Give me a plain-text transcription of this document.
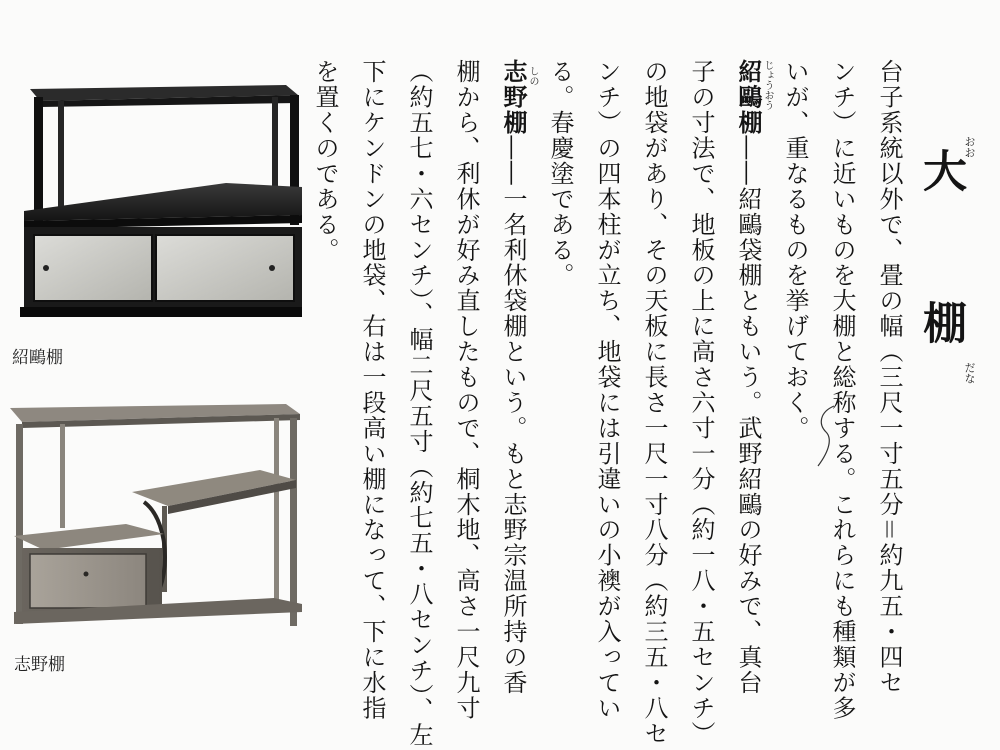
大棚
おお
だな
台子系統以外で、畳の幅（三尺一寸五分＝約九五・四セ
ンチ）に近いものを大棚と総称する。これらにも種類が多
いが、重なるものを挙げておく。
紹鷗棚――紹鷗袋棚ともいう。武野紹鷗の好みで、真台
子の寸法で、地板の上に高さ六寸一分（約一八・五センチ）
の地袋があり、その天板に長さ一尺一寸八分（約三五・八セ
ンチ）の四本柱が立ち、地袋には引違いの小襖が入ってい
る。春慶塗である。
志野棚――一名利休袋棚という。もと志野宗温所持の香
棚から、利休が好み直したもので、桐木地、高さ一尺九寸
（約五七・六センチ）、幅二尺五寸（約七五・八センチ）、左
下にケンドンの地袋、右は一段高い棚になって、下に水指
を置くのである。	じょうおう
しの
紹鷗棚
志野棚
